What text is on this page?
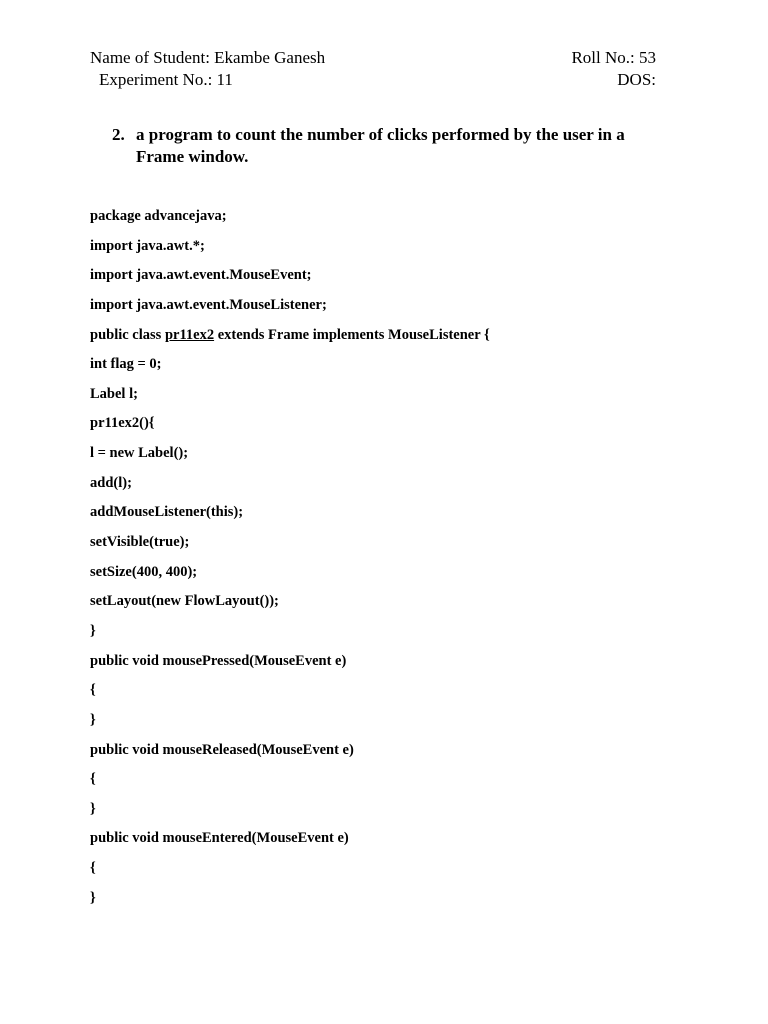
Name of Student: Ekambe Ganesh
Experiment No.: 11
Roll No.: 53
DOS:
2. a program to count the number of clicks performed by the user in a Frame window.
package advancejava;
import java.awt.*;
import java.awt.event.MouseEvent;
import java.awt.event.MouseListener;
public class pr11ex2 extends Frame implements MouseListener {
int flag = 0;
Label l;
pr11ex2(){
l = new Label();
add(l);
addMouseListener(this);
setVisible(true);
setSize(400, 400);
setLayout(new FlowLayout());
}
public void mousePressed(MouseEvent e)
{
}
public void mouseReleased(MouseEvent e)
{
}
public void mouseEntered(MouseEvent e)
{
}
